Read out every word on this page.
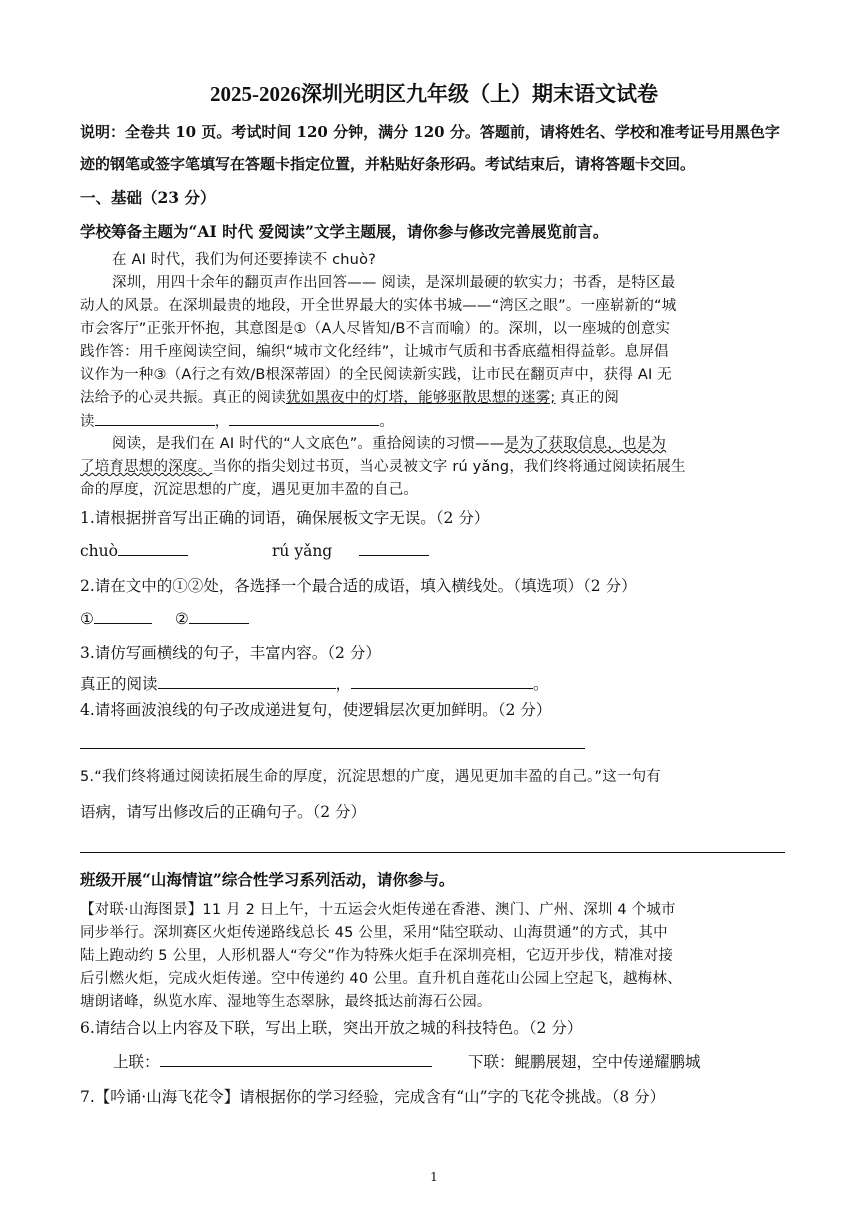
2025-2026深圳光明区九年级（上）期末语文试卷
说明：全卷共 10 页。考试时间 120 分钟，满分 120 分。答题前，请将姓名、学校和准考证号用黑色字
迹的钢笔或签字笔填写在答题卡指定位置，并粘贴好条形码。考试结束后，请将答题卡交回。
一、基础（23 分）
学校筹备主题为“AI 时代 爱阅读”文学主题展，请你参与修改完善展览前言。
在 AI 时代，我们为何还要捧读不 chuò?
深圳，用四十余年的翻页声作出回答—— 阅读，是深圳最硬的软实力；书香，是特区最
动人的风景。在深圳最贵的地段，开全世界最大的实体书城——“湾区之眼”。一座崭新的“城
市会客厅”正张开怀抱，其意图是①（A人尽皆知/B不言而喻）的。深圳，以一座城的创意实
践作答：用千座阅读空间，编织“城市文化经纬”，让城市气质和书香底蕴相得益彰。息屏倡
议作为一种③（A行之有效/B根深蒂固）的全民阅读新实践，让市民在翻页声中，获得 AI 无
法给予的心灵共振。真正的阅读犹如黑夜中的灯塔，能够驱散思想的迷雾; 真正的阅
读	，	。
阅读，是我们在 AI 时代的“人文底色”。重拾阅读的习惯——是为了获取信息，也是为
了培育思想的深度。当你的指尖划过书页，当心灵被文字 rú yǎng，我们终将通过阅读拓展生
命的厚度，沉淀思想的广度，遇见更加丰盈的自己。
1.请根据拼音写出正确的词语，确保展板文字无误。（2 分）
chuò	rú yǎng
2.请在文中的①②处，各选择一个最合适的成语，填入横线处。（填选项）（2 分）
①	②
3.请仿写画横线的句子，丰富内容。（2 分）
真正的阅读	，	。
4.请将画波浪线的句子改成递进复句，使逻辑层次更加鲜明。（2 分）
5.“我们终将通过阅读拓展生命的厚度，沉淀思想的广度，遇见更加丰盈的自己。”这一句有
语病，请写出修改后的正确句子。（2 分）
班级开展“山海情谊”综合性学习系列活动，请你参与。
【对联·山海图景】11 月 2 日上午，十五运会火炬传递在香港、澳门、广州、深圳 4 个城市
同步举行。深圳赛区火炬传递路线总长 45 公里，采用“陆空联动、山海贯通”的方式，其中
陆上跑动约 5 公里，人形机器人“夸父”作为特殊火炬手在深圳亮相，它迈开步伐，精准对接
后引燃火炬，完成火炬传递。空中传递约 40 公里。直升机自莲花山公园上空起飞，越梅林、
塘朗诸峰，纵览水库、湿地等生态翠脉，最终抵达前海石公园。
6.请结合以上内容及下联，写出上联，突出开放之城的科技特色。（2 分）
上联：	下联：鲲鹏展翅，空中传递耀鹏城
7.【吟诵·山海飞花令】请根据你的学习经验，完成含有“山”字的飞花令挑战。（8 分）
1
